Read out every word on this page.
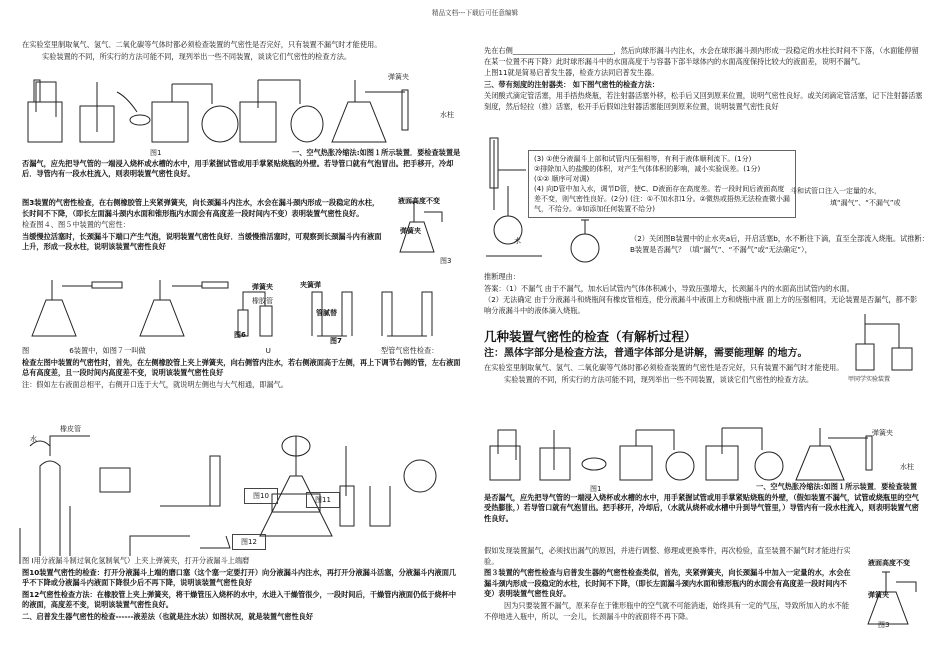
精品文档---下载后可任意编辑

在实验室里制取氧气、氢气、二氧化碳等气体时都必须检查装置的气密性是否完好，只有装置不漏气时才能使用。

实验装置的不同，所实行的方法可能不同，现列举出一些不同装置，谈谈它们气密性的检查方法。

图1
弹簧夹
水柱

一、空气热胀冷缩法:如图１所示装置．要检查装置是否漏气，应先把导气管的一端浸入烧杯或水槽的水中，用手紧握试管或用手掌紧贴烧瓶的外壁。若导管口就有气泡冒出。把手移开，冷却后．导管内有一段水柱流入，则表明装置气密性良好。

液面高度不变
弹簧夹
图3

图3装置的气密性检查，在右侧橡胶管上夹紧弹簧夹，向长颈漏斗内注水，水会在漏斗颈内形成一段稳定的水柱，长时间不下降，（即长左面漏斗颈内水面和锥形瓶内水面会有高度差一段时间内不变）表明装置气密性良好。

检查图４、图５中装置的气密性：

当缓慢拉活塞时，长颈漏斗下端口产生气泡，说明装置气密性良好．当缓慢推活塞时，可观察到长颈漏斗内有液面上升，形成一段水柱，说明该装置气密性良好

弹簧夹
橡胶管
图6
夹簧弹
管腻替
图7

图	6装置中，如图７一叫做	U	型管气密性检查：

检查左图中装置的气密性时，首先，在左侧橡胶管上夹上弹簧夹，向右侧管内注水，若右侧液面高于左侧，再上下调节右侧的管，左右液面总有高度差，且一段时间内高度差不变，说明该装置气密性良好

注：假如左右液面总相平，右侧开口连于大气，就说明左侧也与大气相通，即漏气。

橡皮管
水
图10	图11
图12

图 I用分液漏斗制过氧化氢制氧气）上夹上弹簧夹，打开分液漏斗上端磨

图10装置气密性的检查：打开分液漏斗上端的磨口塞（这个塞一定要打开）向分液漏斗内注水，再打开分液漏斗活塞，分液漏斗内液面几乎不下降或分液漏斗内液面下降很少后不再下降，说明该装置气密性良好

图12气密性检查方法：在橡胶管上夹上弹簧夹，将干燥管压入烧杯的水中，水进入干燥管很少，一段时间后，干燥管内液面仍低于烧杯中的液面，高度差不变，说明该装置气密性良好。

二、启普发生器气密性的检查------液差法（也就是注水法）如图状况，就是装置气密性良好

先在右侧____________________________，然后向球形漏斗内注水，水会在球形漏斗颈内形成一段稳定的水柱长时间不下落，（水面能停留在某一位置不再下降）此时球形漏斗中的水面高度于与容器下部半球体内的水面高度保持比较大的液面差，说明不漏气。

上图11就是简易启普发生器，检查方法同启普发生器。

三、带有刻度的注射器类： 如下图气密性的检查方法：

关闭酸式滴定管活塞，用手捂热烧瓶，若注射器活塞外移，松手后又回到原来位置，说明气密性良好。或关闭滴定管活塞，记下注射器活塞刻度，然后轻拉（推）活塞，松开手后假如注射器活塞能回到原来位置，说明装置气密性良好

水
(3) ①使分液漏斗上部和试管内压强相等，有利于液体顺利流下。(1分)
②排除加入的盐酸的体积，对产生气体体积的影响，减小实验误差。(1分)
(①② 顺序可对调)
(4) 向D管中加入水，调节D管，使C、D液面存在高度差。若一段时间后液面高度差不变，则气密性良好。(2分) (注：①不加水扣1分。②微热或捂热无法检查微小漏气，不给分。③如添加任何装置不给分)
斗和试管口注入一定量的水，
填“漏气”、“不漏气”或

（2）关闭图B装置中的止水夹a后，开启活塞b，水不断往下滴，直至全部流入烧瓶。试推断：B装置是否漏气？（填“漏气”、“不漏气”或“无法确定”），

推断理由：

答案：（1）不漏气 由于不漏气，加水后试管内气体体积减小，导致压强增大，长颈漏斗内的水面高出试管内的水面。

（2）无法确定 由于分液漏斗和烧瓶间有橡皮管相连，使分液漏斗中液面上方和烧瓶中液 面上方的压强相同，无论装置是否漏气，都不影响分液漏斗中的液体滴入烧瓶。

几种装置气密性的检查（有解析过程）
注：黑体字部分是检查方法，普通字体部分是讲解，需要能理解 的地方。

在实验室里制取氧气、氢气、二氧化碳等气体时都必须检查装置的气密性是否完好，只有装置不漏气时才能使用。

实验装置的不同，所实行的方法可能不同，现列举出一些不同装置，谈谈它们气密性的检查方法。	甲同学实验装置
图1
弹簧夹
水柱

一、空气热胀冷缩法:如图１所示装置．要检查装置是否漏气，应先把导气管的一端浸入烧杯或水槽的水中，用手紧握试管或用手掌紧贴烧瓶的外壁，（假如装置不漏气，试管或烧瓶里的空气受热膨胀，）若导管口就有气泡冒出。把手移开，冷却后，（水就从烧杯或水槽中升到导气管里，）导管内有一段水柱流入，则表明装置气密性良好。

液面高度不变
弹簧夹
图3

假如发现装置漏气，必须找出漏气的原因，并进行调整、修理或更换零件，再次检验，直至装置不漏气时才能进行实验。

图３装置的气密性检查与启普发生器的气密性检查类似，首先，夹紧弹簧夹，向长颈漏斗中加入一定量的水，水会在漏斗颈内形成一段稳定的水柱，长时间不下降，（即长左面漏斗颈内水面和锥形瓶内的水面会有高度差一段时间内不变）表明装置气密性良好。

因为只要装置不漏气，原来存在于锥形瓶中的空气就不可能消逝，始终具有一定的气压，导致所加入的水不能不停地进入瓶中，所以，一会儿，长颈漏斗中的液面将不再下降。
